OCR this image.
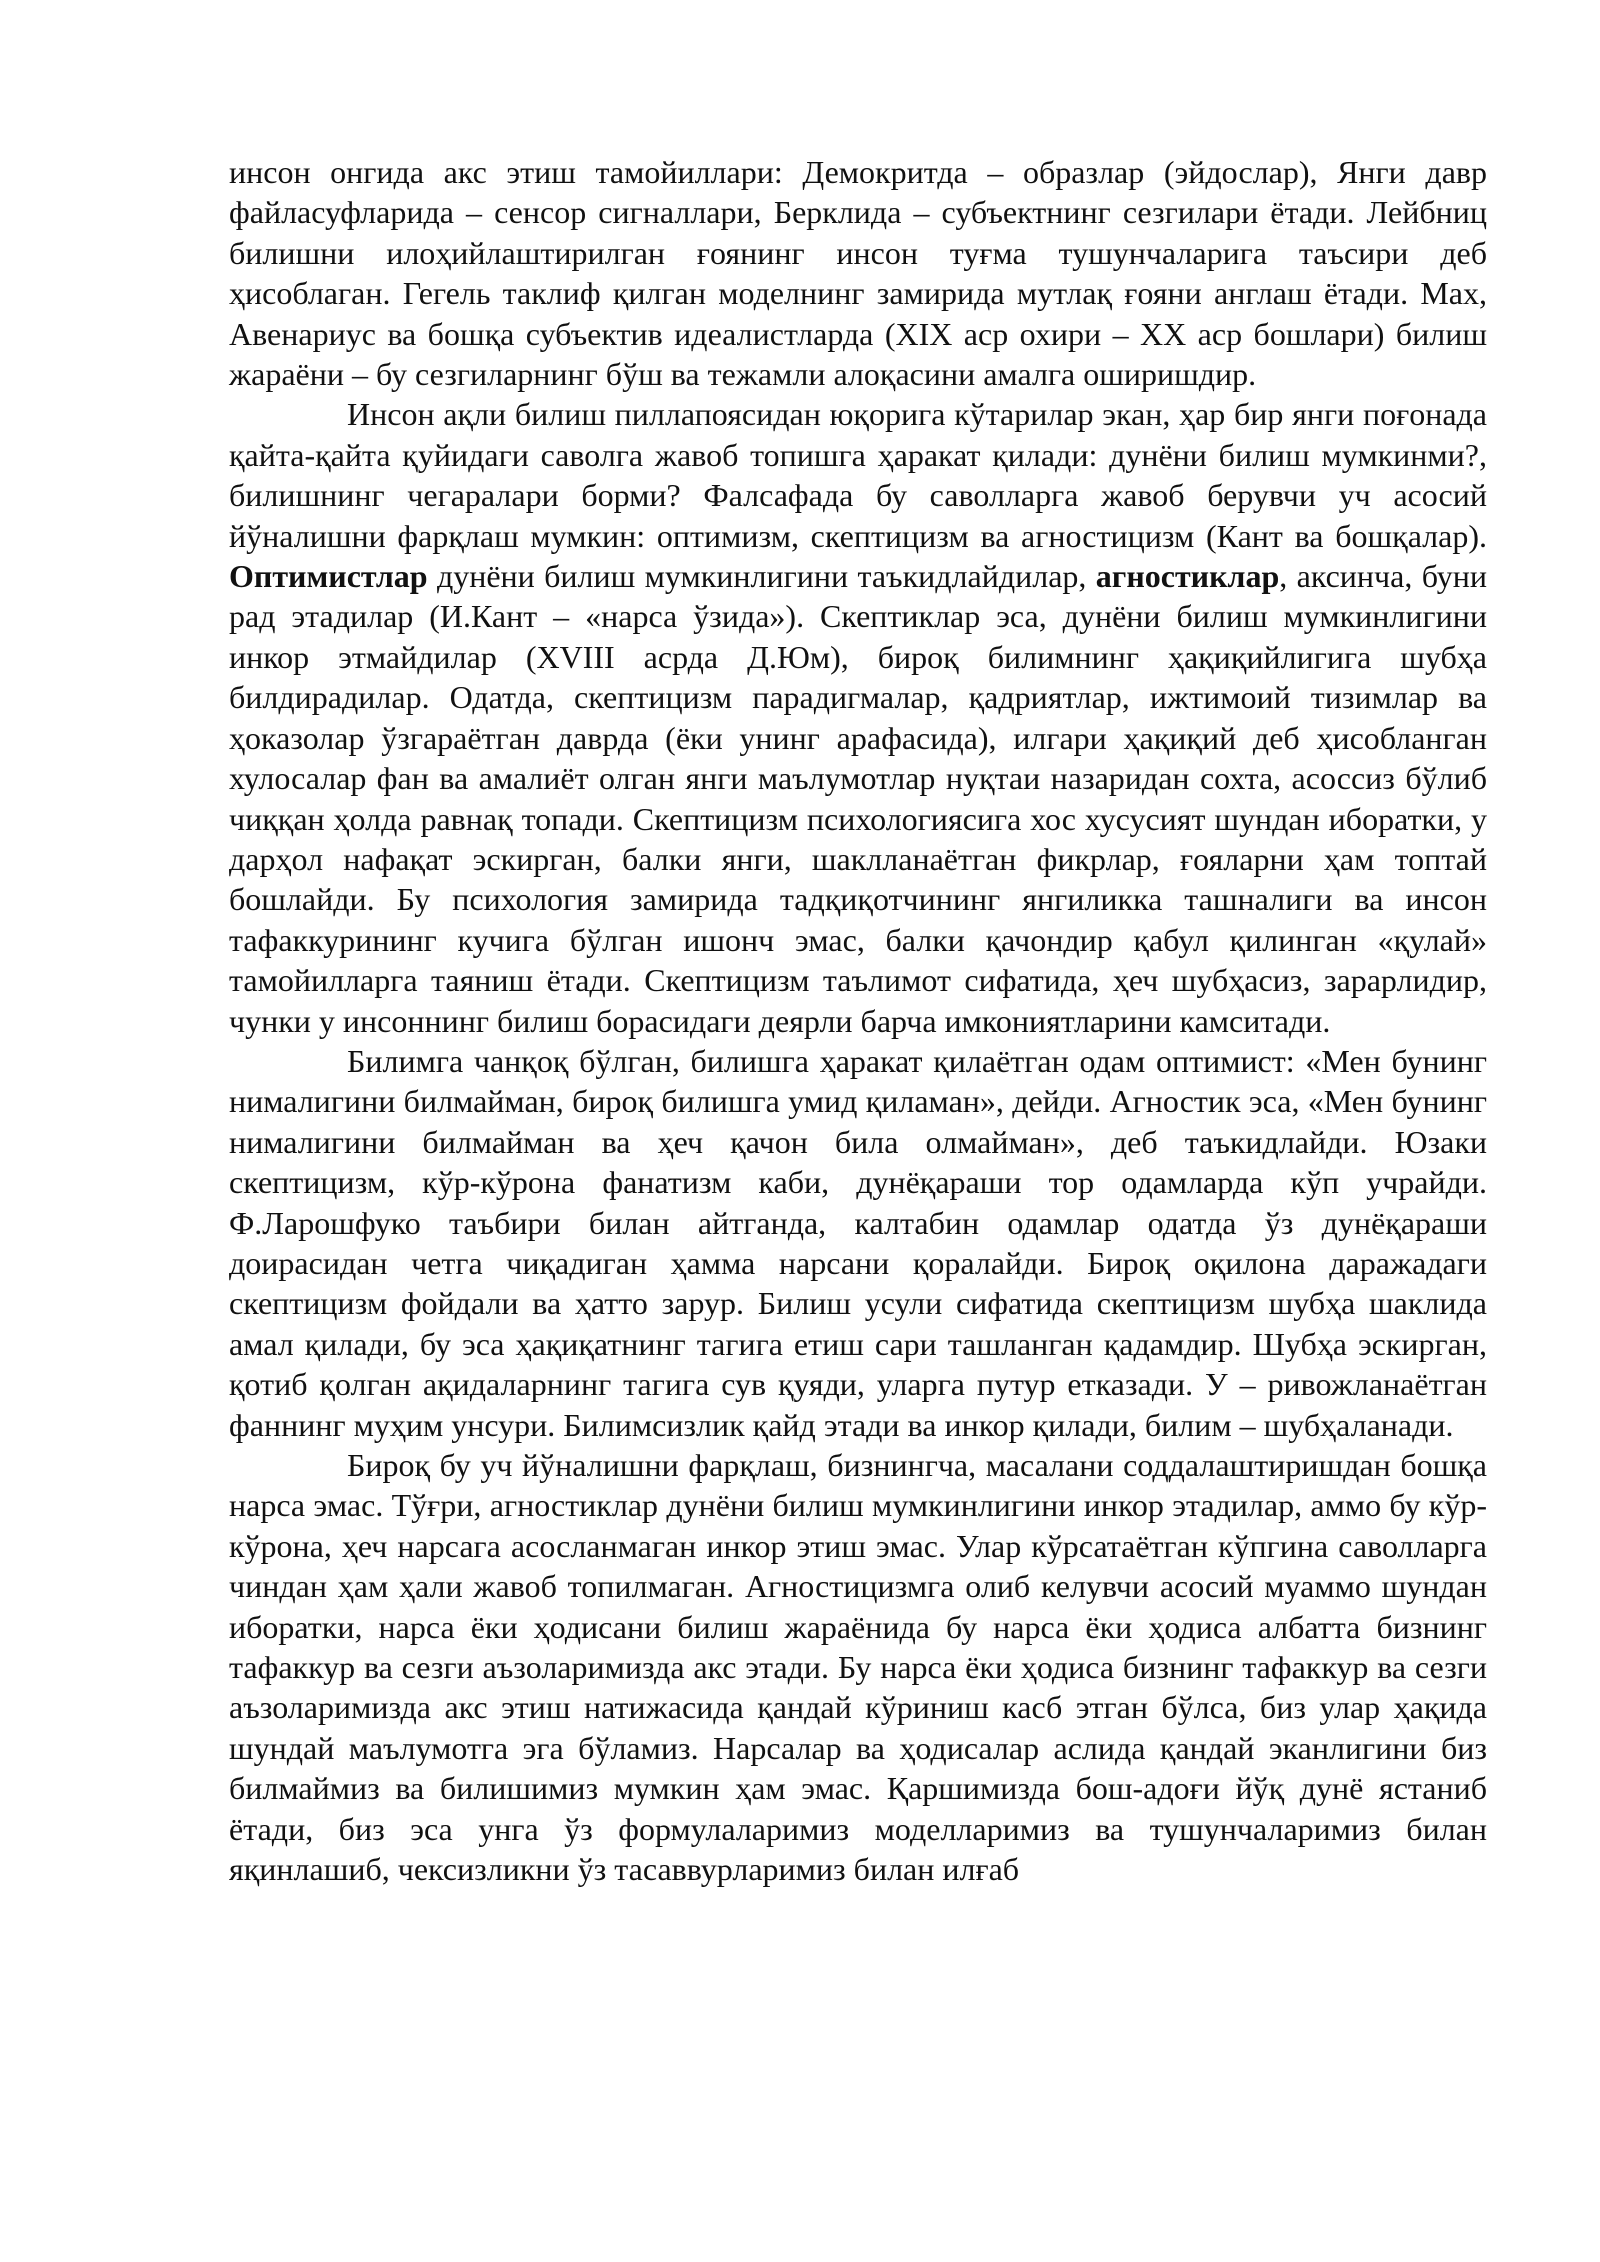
инсон онгида акс этиш тамойиллари: Демокритда – образлар (эйдослар), Янги давр файласуфларида – сенсор сигналлари, Берклида – субъектнинг сезгилари ётади. Лейбниц билишни илоҳийлаштирилган ғоянинг инсон туғма тушунчаларига таъсири деб ҳисоблаган. Гегель таклиф қилган моделнинг замирида мутлақ ғояни англаш ётади. Мах, Авенариус ва бошқа субъектив идеалистларда (XIX аср охири – XX аср бошлари) билиш жараёни – бу сезгиларнинг бўш ва тежамли алоқасини амалга оширишдир.

Инсон ақли билиш пиллапоясидан юқорига кўтарилар экан, ҳар бир янги поғонада қайта-қайта қуйидаги саволга жавоб топишга ҳаракат қилади: дунёни билиш мумкинми?, билишнинг чегаралари борми? Фалсафада бу саволларга жавоб берувчи уч асосий йўналишни фарқлаш мумкин: оптимизм, скептицизм ва агностицизм (Кант ва бошқалар). Оптимистлар дунёни билиш мумкинлигини таъкидлайдилар, агностиклар, аксинча, буни рад этадилар (И.Кант – «нарса ўзида»). Скептиклар эса, дунёни билиш мумкинлигини инкор этмайдилар (XVIII асрда Д.Юм), бироқ билимнинг ҳақиқийлигига шубҳа билдирадилар. Одатда, скептицизм парадигмалар, қадриятлар, ижтимоий тизимлар ва ҳоказолар ўзгараётган даврда (ёки унинг арафасида), илгари ҳақиқий деб ҳисобланган хулосалар фан ва амалиёт олган янги маълумотлар нуқтаи назаридан сохта, асоссиз бўлиб чиққан ҳолда равнақ топади. Скептицизм психологиясига хос хусусият шундан иборатки, у дарҳол нафақат эскирган, балки янги, шаклланаётган фикрлар, ғояларни ҳам топтай бошлайди. Бу психология замирида тадқиқотчининг янгиликка ташналиги ва инсон тафаккурининг кучига бўлган ишонч эмас, балки қачондир қабул қилинган «қулай» тамойилларга таяниш ётади. Скептицизм таълимот сифатида, ҳеч шубҳасиз, зарарлидир, чунки у инсоннинг билиш борасидаги деярли барча имкониятларини камситади.

Билимга чанқоқ бўлган, билишга ҳаракат қилаётган одам оптимист: «Мен бунинг нималигини билмайман, бироқ билишга умид қиламан», дейди. Агностик эса, «Мен бунинг нималигини билмайман ва ҳеч қачон била олмайман», деб таъкидлайди. Юзаки скептицизм, кўр-кўрона фанатизм каби, дунёқараши тор одамларда кўп учрайди. Ф.Ларошфуко таъбири билан айтганда, калтабин одамлар одатда ўз дунёқараши доирасидан четга чиқадиган ҳамма нарсани қоралайди. Бироқ оқилона даражадаги скептицизм фойдали ва ҳатто зарур. Билиш усули сифатида скептицизм шубҳа шаклида амал қилади, бу эса ҳақиқатнинг тагига етиш сари ташланган қадамдир. Шубҳа эскирган, қотиб қолган ақидаларнинг тагига сув қуяди, уларга путур етказади. У – ривожланаётган фаннинг муҳим унсури. Билимсизлик қайд этади ва инкор қилади, билим – шубҳаланади.

Бироқ бу уч йўналишни фарқлаш, бизнингча, масалани соддалаштиришдан бошқа нарса эмас. Тўғри, агностиклар дунёни билиш мумкинлигини инкор этадилар, аммо бу кўр-кўрона, ҳеч нарсага асосланмаган инкор этиш эмас. Улар кўрсатаётган кўпгина саволларга чиндан ҳам ҳали жавоб топилмаган. Агностицизмга олиб келувчи асосий муаммо шундан иборатки, нарса ёки ҳодисани билиш жараёнида бу нарса ёки ҳодиса албатта бизнинг тафаккур ва сезги аъзоларимизда акс этади. Бу нарса ёки ҳодиса бизнинг тафаккур ва сезги аъзоларимизда акс этиш натижасида қандай кўриниш касб этган бўлса, биз улар ҳақида шундай маълумотга эга бўламиз. Нарсалар ва ҳодисалар аслида қандай эканлигини биз билмаймиз ва билишимиз мумкин ҳам эмас. Қаршимизда бош-адоғи йўқ дунё ястаниб ётади, биз эса унга ўз формулаларимиз моделларимиз ва тушунчаларимиз билан яқинлашиб, чексизликни ўз тасаввурларимиз билан илғаб
